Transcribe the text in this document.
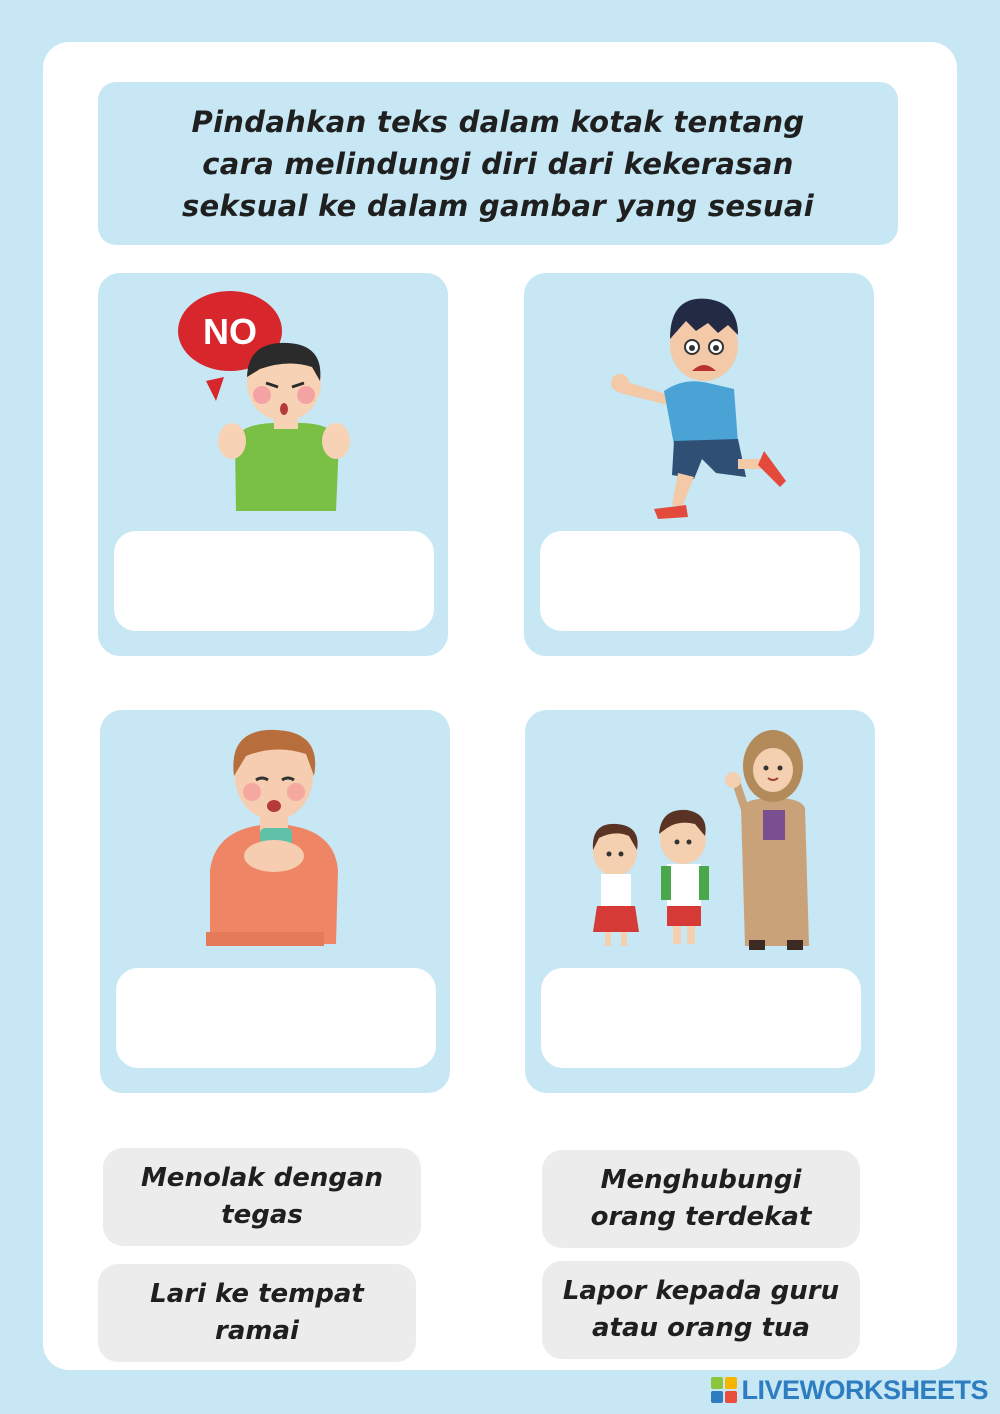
Pindahkan teks dalam kotak tentang cara melindungi diri dari kekerasan seksual ke dalam gambar yang sesuai

NO
Menolak dengan tegas
Menghubungi orang terdekat
Lari ke tempat ramai
Lapor kepada guru atau orang tua
LIVEWORKSHEETS
